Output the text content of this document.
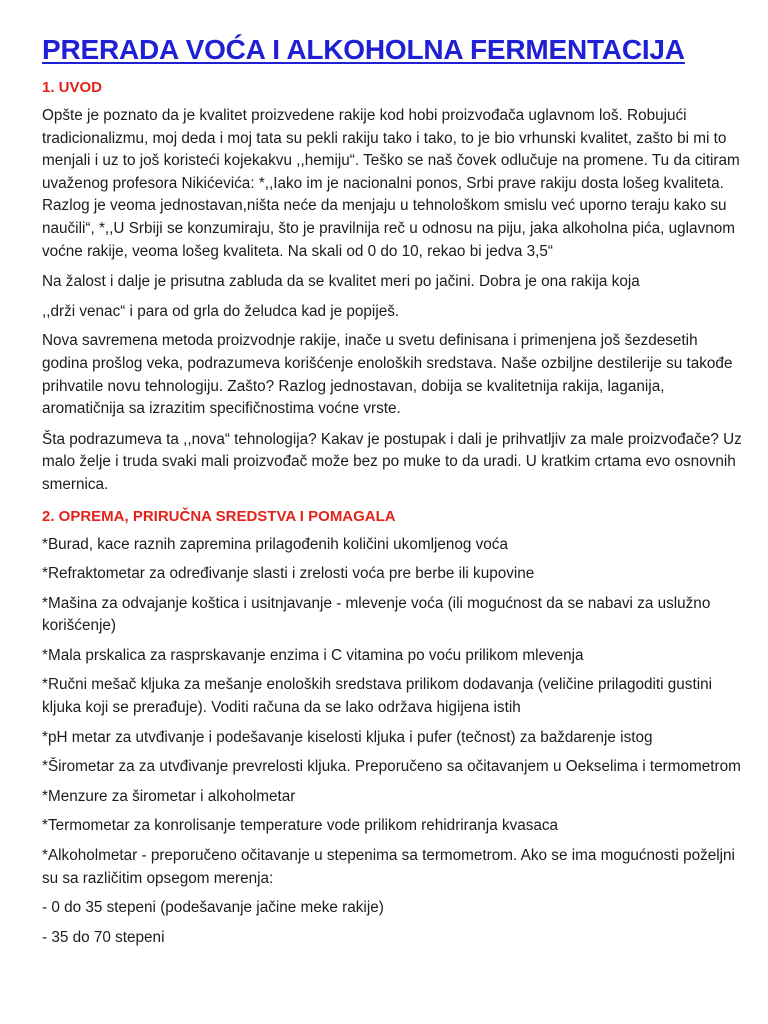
PRERADA VOĆA I ALKOHOLNA FERMENTACIJA
1. UVOD

Opšte je poznato da je kvalitet proizvedene rakije kod hobi proizvođača uglavnom loš. Robujući tradicionalizmu, moj deda i moj tata su pekli rakiju tako i tako, to je bio vrhunski kvalitet, zašto bi mi to menjali i uz to još koristeći kojekakvu ,,hemiju“. Teško se naš čovek odlučuje na promene. Tu da citiram uvaženog profesora Nikićevića: *,,Iako im je nacionalni ponos, Srbi prave rakiju dosta lošeg kvaliteta. Razlog je veoma jednostavan,ništa neće da menjaju u tehnološkom smislu već uporno teraju kako su naučili“, *,,U Srbiji se konzumiraju, što je pravilnija reč u odnosu na piju, jaka alkoholna pića, uglavnom voćne rakije, veoma lošeg kvaliteta. Na skali od 0 do 10, rekao bi jedva 3,5“

Na žalost i dalje je prisutna zabluda da se kvalitet meri po jačini. Dobra je ona rakija koja

,,drži venac“ i para od grla do želudca kad je popiješ.

Nova savremena metoda proizvodnje rakije, inače u svetu definisana i primenjena još šezdesetih godina prošlog veka, podrazumeva korišćenje enoloških sredstava. Naše ozbiljne destilerije su takođe prihvatile novu tehnologiju. Zašto? Razlog jednostavan, dobija se kvalitetnija rakija, laganija, aromatičnija sa izrazitim specifičnostima voćne vrste.

Šta podrazumeva ta ,,nova“ tehnologija? Kakav je postupak i dali je prihvatljiv za male proizvođače? Uz malo želje i truda svaki mali proizvođač može bez po muke to da uradi. U kratkim crtama evo osnovnih smernica.

2. OPREMA, PRIRUČNA SREDSTVA I POMAGALA

*Burad, kace raznih zapremina prilagođenih količini ukomljenog voća

*Refraktometar za određivanje slasti i zrelosti voća pre berbe ili kupovine

*Mašina za odvajanje koštica i usitnjavanje - mlevenje voća (ili mogućnost da se nabavi za uslužno korišćenje)

*Mala prskalica za rasprskavanje enzima i C vitamina po voću prilikom mlevenja

*Ručni mešač kljuka za mešanje enoloških sredstava prilikom dodavanja (veličine prilagoditi gustini kljuka koji se prerađuje). Voditi računa da se lako održava higijena istih

*pH metar za utvđivanje i podešavanje kiselosti kljuka i pufer (tečnost) za baždarenje istog

*Širometar za za utvđivanje prevrelosti kljuka. Preporučeno sa očitavanjem u Oekselima i termometrom

*Menzure za širometar i alkoholmetar

*Termometar za konrolisanje temperature vode prilikom rehidriranja kvasaca

*Alkoholmetar - preporučeno očitavanje u stepenima sa termometrom. Ako se ima mogućnosti poželjni su sa različitim opsegom merenja:

- 0 do 35 stepeni (podešavanje jačine meke rakije)

- 35 do 70 stepeni
